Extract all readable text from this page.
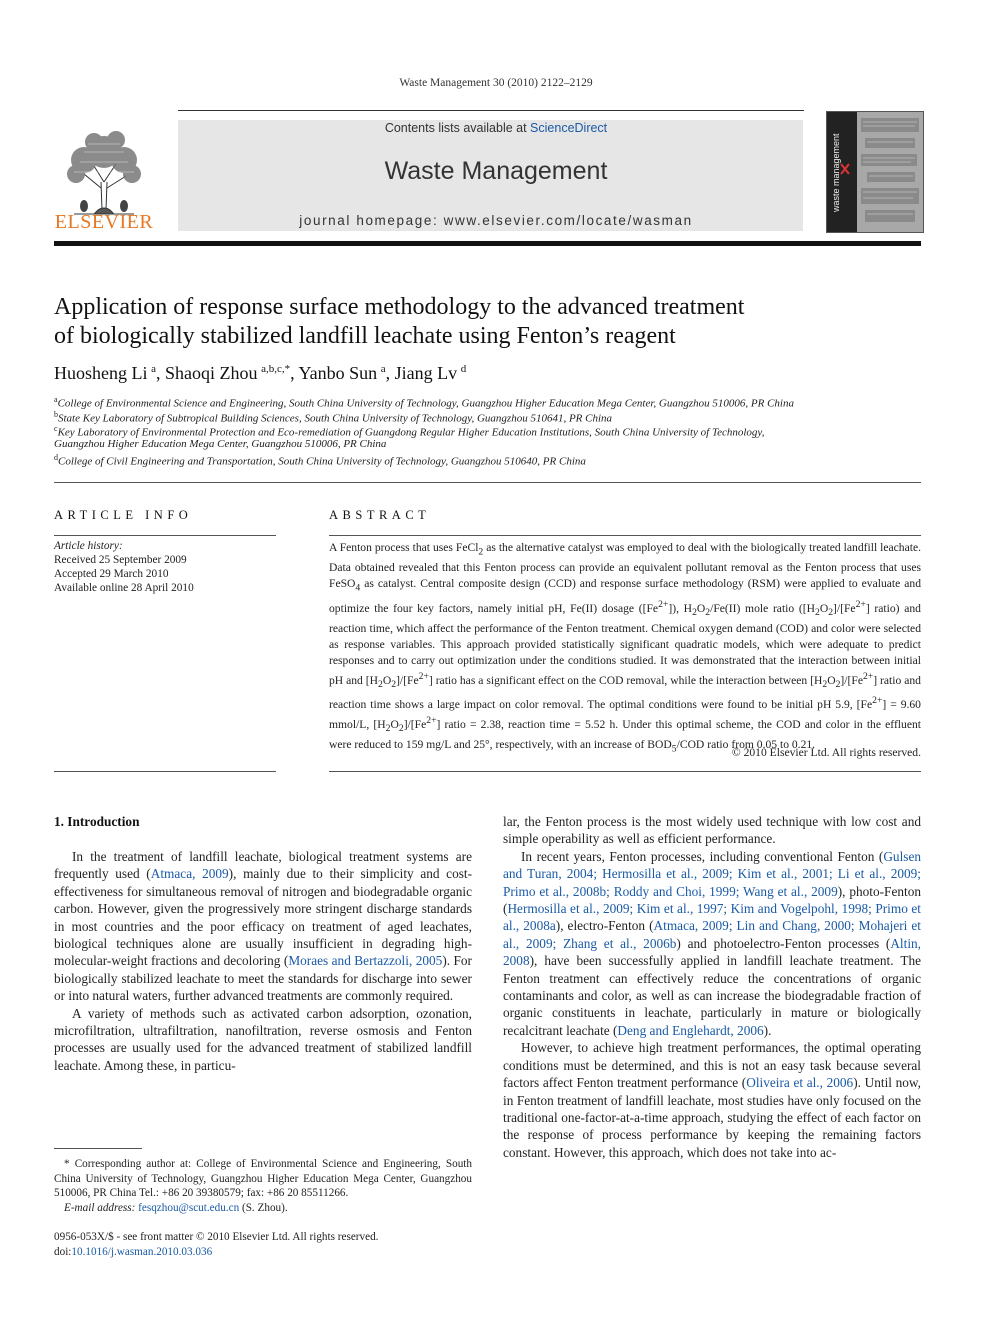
Waste Management 30 (2010) 2122–2129
ELSEVIER
Contents lists available at ScienceDirect
Waste Management
journal homepage: www.elsevier.com/locate/wasman
waste management
Application of response surface methodology to the advanced treatment
of biologically stabilized landfill leachate using Fenton’s reagent
Huosheng Li  $^a$, Shaoqi Zhou  $^{a,b,c,*}$, Yanbo Sun  $^a$, Jiang Lv  $^d$
$^a$College of Environmental Science and Engineering, South China University of Technology, Guangzhou Higher Education Mega Center, Guangzhou 510006, PR China
$^b$State Key Laboratory of Subtropical Building Sciences, South China University of Technology, Guangzhou 510641, PR China
$^c$Key Laboratory of Environmental Protection and Eco-remediation of Guangdong Regular Higher Education Institutions, South China University of Technology,
Guangzhou Higher Education Mega Center, Guangzhou 510006, PR China
$^d$College of Civil Engineering and Transportation, South China University of Technology, Guangzhou 510640, PR China
ARTICLE INFO
Article history:
Received 25 September 2009
Accepted 29 March 2010
Available online 28 April 2010
ABSTRACT

A Fenton process that uses FeCl$_2$ as the alternative catalyst was employed to deal with the biologically treated landfill leachate. Data obtained revealed that this Fenton process can provide an equivalent pollutant removal as the Fenton process that uses FeSO$_4$ as catalyst. Central composite design (CCD) and response surface methodology (RSM) were applied to evaluate and optimize the four key factors, namely initial pH, Fe(II) dosage $([Fe^{2+}])$, $H_2O_2/Fe(II)$ mole ratio ($[H_2O_2]/[Fe^{2+}]$ ratio) and reaction time, which affect the performance of the Fenton treatment. Chemical oxygen demand (COD) and color were selected as response variables. This approach provided statistically significant quadratic models, which were adequate to predict responses and to carry out optimization under the conditions studied. It was demonstrated that the interaction between initial pH and $[H_2O_2]/[Fe^{2+}]$ ratio has a significant effect on the COD removal, while the interaction between $[H_2O_2]/[Fe^{2+}]$ ratio and reaction time shows a large impact on color removal. The optimal conditions were found to be initial pH 5.9, $[Fe^{2+}] = 9.60$ mmol/L, $[H_2O_2]/[Fe^{2+}]$ ratio = 2.38, reaction time = 5.52 h. Under this optimal scheme, the COD and color in the effluent were reduced to 159 mg/L and 25°, respectively, with an increase of $BOD_5$/COD ratio from 0.05 to 0.21.

© 2010 Elsevier Ltd. All rights reserved.
1. Introduction

In the treatment of landfill leachate, biological treatment systems are frequently used (Atmaca, 2009), mainly due to their simplicity and cost-effectiveness for simultaneous removal of nitrogen and biodegradable organic carbon. However, given the progressively more stringent discharge standards in most countries and the poor efficacy on treatment of aged leachates, biological techniques alone are usually insufficient in degrading high-molecular-weight fractions and decoloring (Moraes and Bertazzoli, 2005). For biologically stabilized leachate to meet the standards for discharge into sewer or into natural waters, further advanced treatments are commonly required.

A variety of methods such as activated carbon adsorption, ozonation, microfiltration, ultrafiltration, nanofiltration, reverse osmosis and Fenton processes are usually used for the advanced treatment of stabilized landfill leachate. Among these, in particu-

lar, the Fenton process is the most widely used technique with low cost and simple operability as well as efficient performance.

In recent years, Fenton processes, including conventional Fenton (Gulsen and Turan, 2004; Hermosilla et al., 2009; Kim et al., 2001; Li et al., 2009; Primo et al., 2008b; Roddy and Choi, 1999; Wang et al., 2009), photo-Fenton (Hermosilla et al., 2009; Kim et al., 1997; Kim and Vogelpohl, 1998; Primo et al., 2008a), electro-Fenton (Atmaca, 2009; Lin and Chang, 2000; Mohajeri et al., 2009; Zhang et al., 2006b) and photoelectro-Fenton processes (Altin, 2008), have been successfully applied in landfill leachate treatment. The Fenton treatment can effectively reduce the concentrations of organic contaminants and color, as well as can increase the biodegradable fraction of organic constituents in leachate, particularly in mature or biologically recalcitrant leachate (Deng and Englehardt, 2006).

However, to achieve high treatment performances, the optimal operating conditions must be determined, and this is not an easy task because several factors affect Fenton treatment performance (Oliveira et al., 2006). Until now, in Fenton treatment of landfill leachate, most studies have only focused on the traditional one-factor-at-a-time approach, studying the effect of each factor on the response of process performance by keeping the remaining factors constant. However, this approach, which does not take into ac-

* Corresponding author at: College of Environmental Science and Engineering, South China University of Technology, Guangzhou Higher Education Mega Center, Guangzhou 510006, PR China Tel.: +86 20 39380579; fax: +86 20 85511266.

E-mail address: fesqzhou@scut.edu.cn (S. Zhou).

0956-053X/$ - see front matter © 2010 Elsevier Ltd. All rights reserved.
doi:10.1016/j.wasman.2010.03.036
